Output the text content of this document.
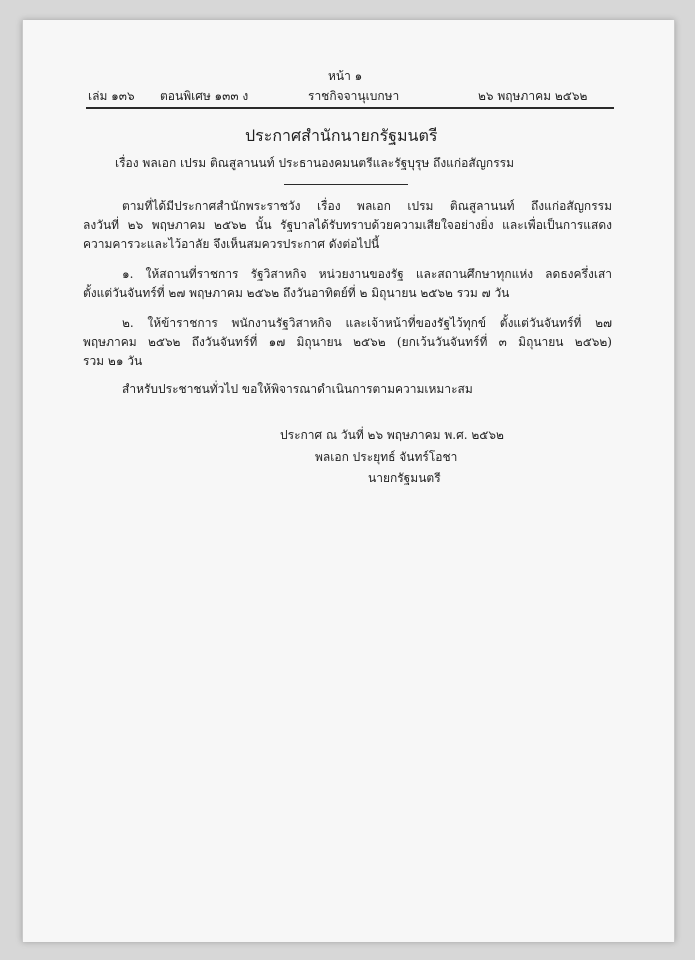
หน้า ๑
เล่ม ๑๓๖ ตอนพิเศษ ๑๓๓ ง	ราชกิจจานุเบกษา	๒๖ พฤษภาคม ๒๕๖๒
ประกาศสำนักนายกรัฐมนตรี
เรื่อง พลเอก เปรม ติณสูลานนท์ ประธานองคมนตรีและรัฐบุรุษ ถึงแก่อสัญกรรม
ตามที่ได้มีประกาศสำนักพระราชวัง เรื่อง พลเอก เปรม ติณสูลานนท์ ถึงแก่อสัญกรรม
ลงวันที่ ๒๖ พฤษภาคม ๒๕๖๒ นั้น รัฐบาลได้รับทราบด้วยความเสียใจอย่างยิ่ง และเพื่อเป็นการแสดง
ความคารวะและไว้อาลัย จึงเห็นสมควรประกาศ ดังต่อไปนี้
๑. ให้สถานที่ราชการ รัฐวิสาหกิจ หน่วยงานของรัฐ และสถานศึกษาทุกแห่ง ลดธงครึ่งเสา
ตั้งแต่วันจันทร์ที่ ๒๗ พฤษภาคม ๒๕๖๒ ถึงวันอาทิตย์ที่ ๒ มิถุนายน ๒๕๖๒ รวม ๗ วัน
๒. ให้ข้าราชการ พนักงานรัฐวิสาหกิจ และเจ้าหน้าที่ของรัฐไว้ทุกข์ ตั้งแต่วันจันทร์ที่ ๒๗
พฤษภาคม ๒๕๖๒ ถึงวันจันทร์ที่ ๑๗ มิถุนายน ๒๕๖๒ (ยกเว้นวันจันทร์ที่ ๓ มิถุนายน ๒๕๖๒)
รวม ๒๑ วัน
สำหรับประชาชนทั่วไป ขอให้พิจารณาดำเนินการตามความเหมาะสม
ประกาศ ณ วันที่ ๒๖ พฤษภาคม พ.ศ. ๒๕๖๒
พลเอก ประยุทธ์ จันทร์โอชา
นายกรัฐมนตรี
